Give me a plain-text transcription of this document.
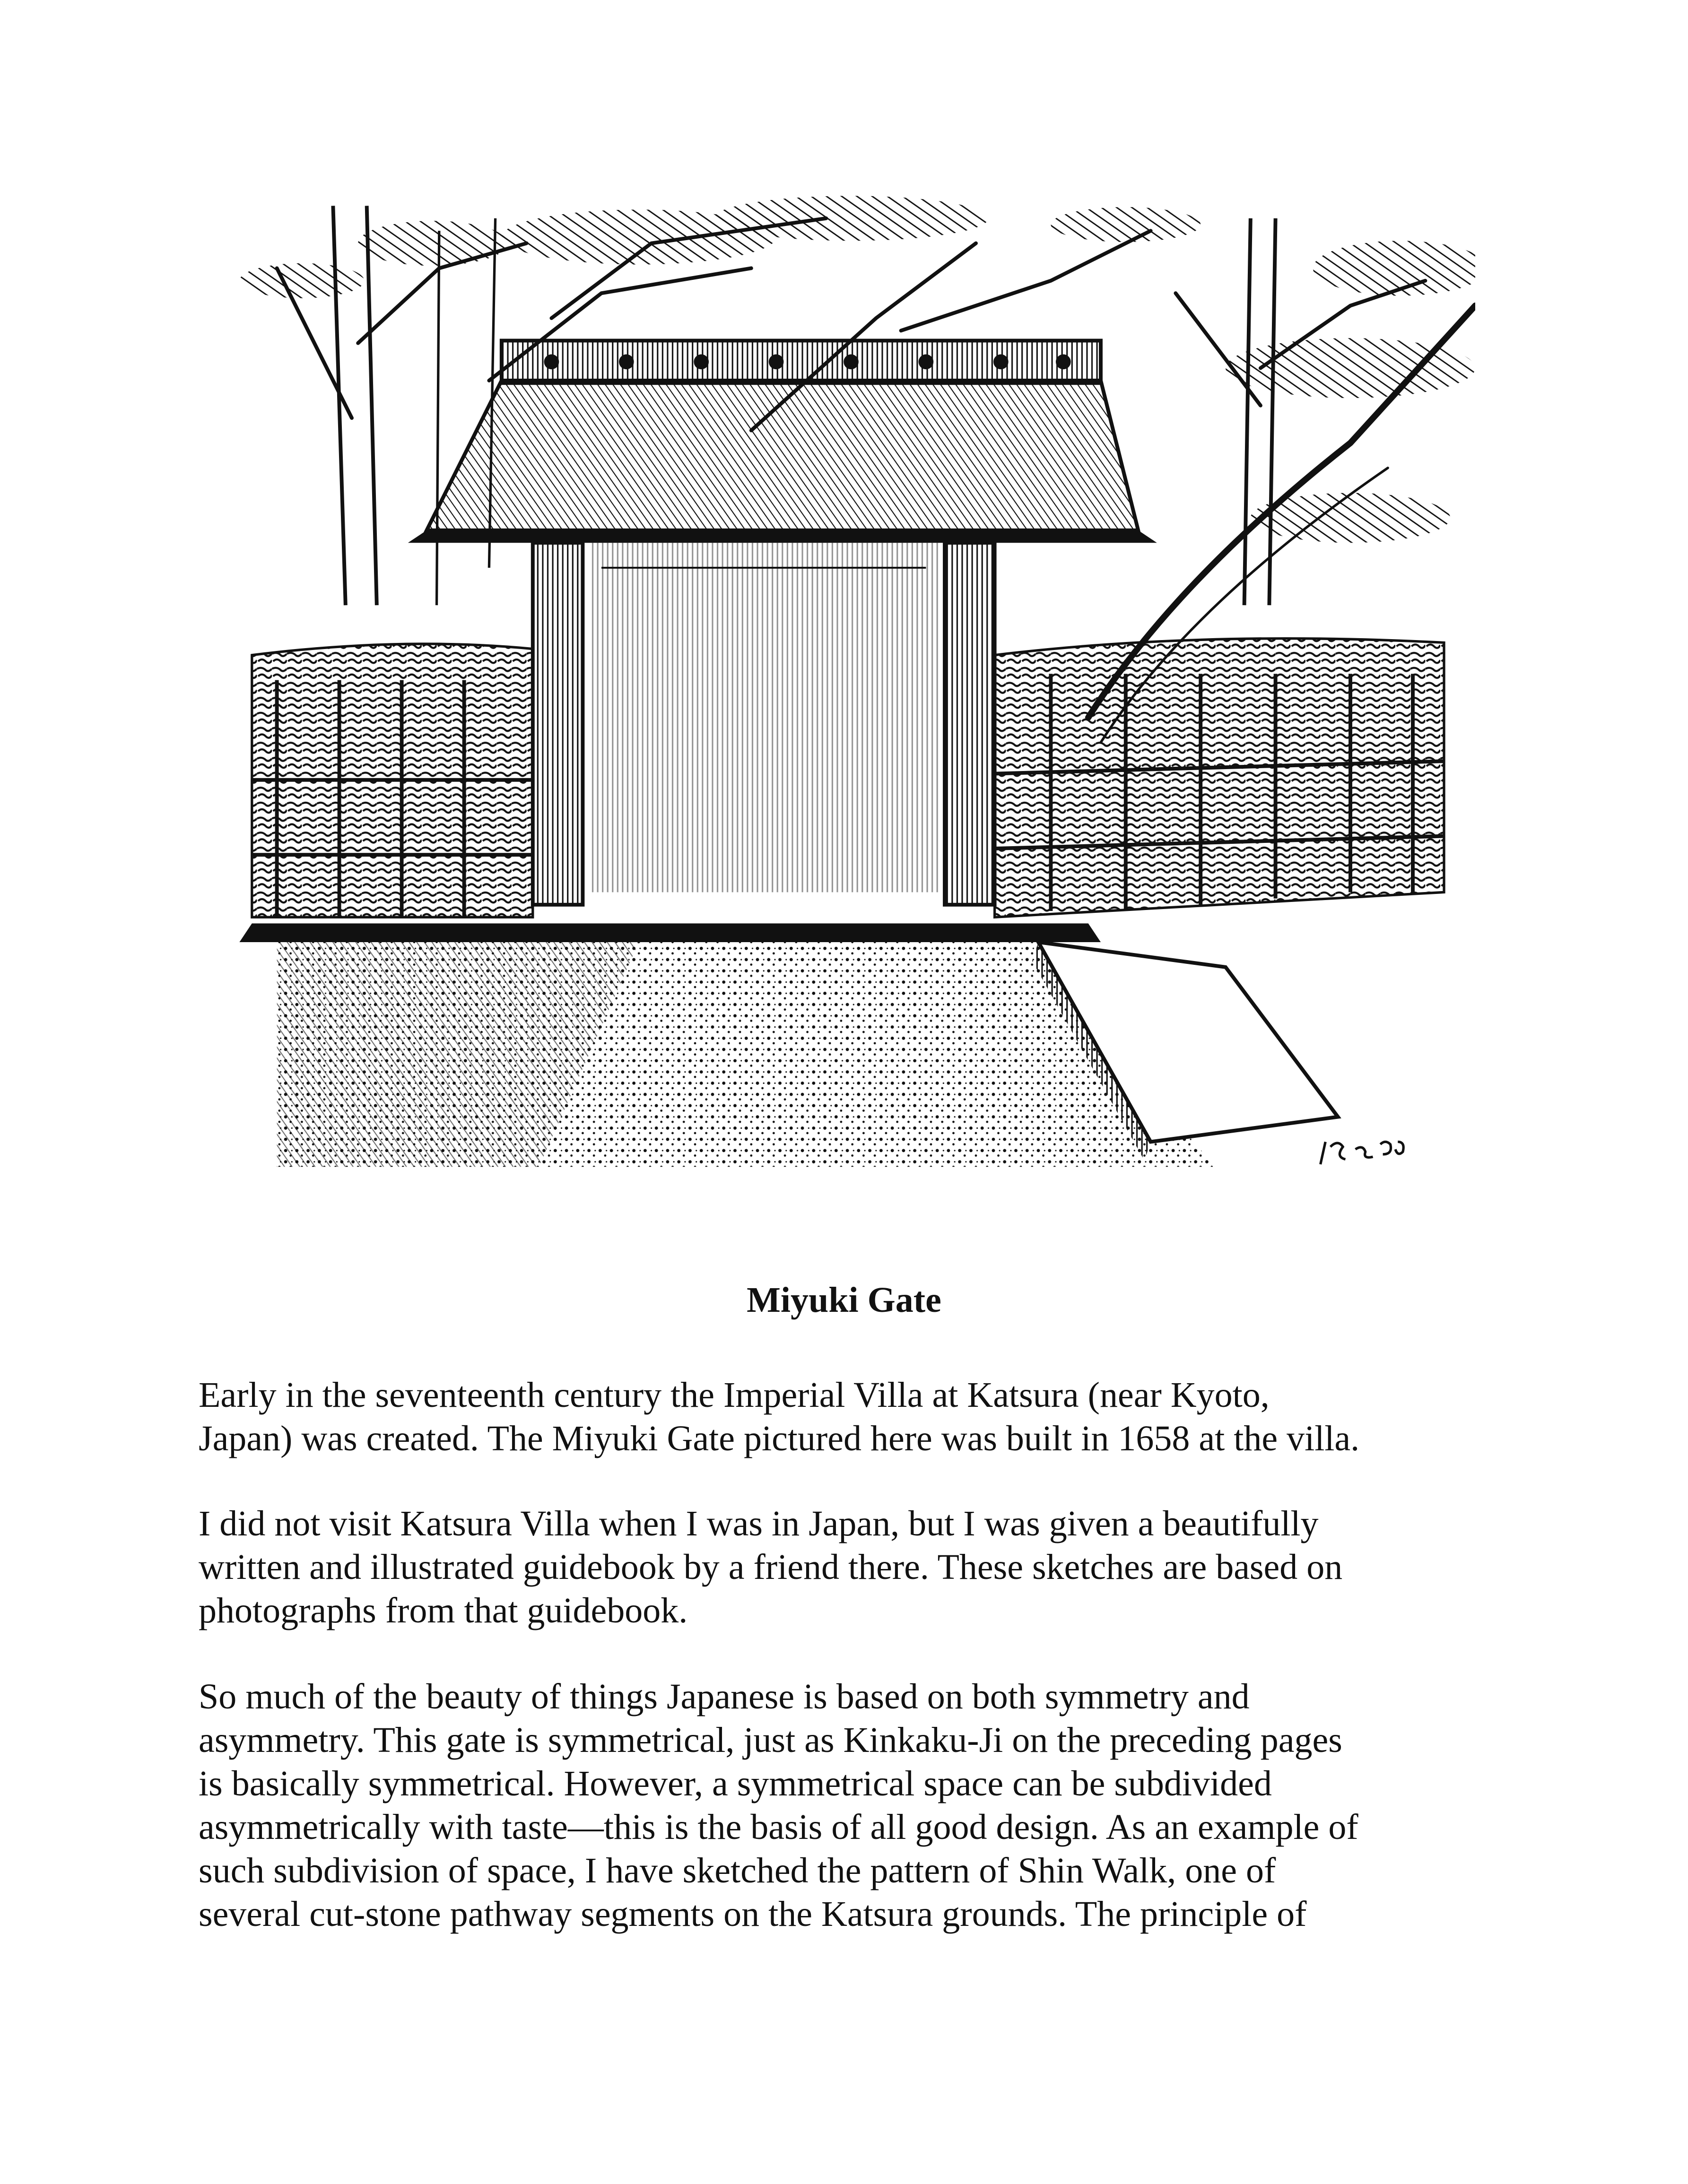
Miyuki Gate

Early in the seventeenth century the Imperial Villa at Katsura (near Kyoto,
Japan) was created. The Miyuki Gate pictured here was built in 1658 at the villa.

I did not visit Katsura Villa when I was in Japan, but I was given a beautifully
written and illustrated guidebook by a friend there. These sketches are based on
photographs from that guidebook.

So much of the beauty of things Japanese is based on both symmetry and
asymmetry. This gate is symmetrical, just as Kinkaku-Ji on the preceding pages
is basically symmetrical. However, a symmetrical space can be subdivided
asymmetrically with taste—this is the basis of all good design. As an example of
such subdivision of space, I have sketched the pattern of Shin Walk, one of
several cut-stone pathway segments on the Katsura grounds. The principle of
